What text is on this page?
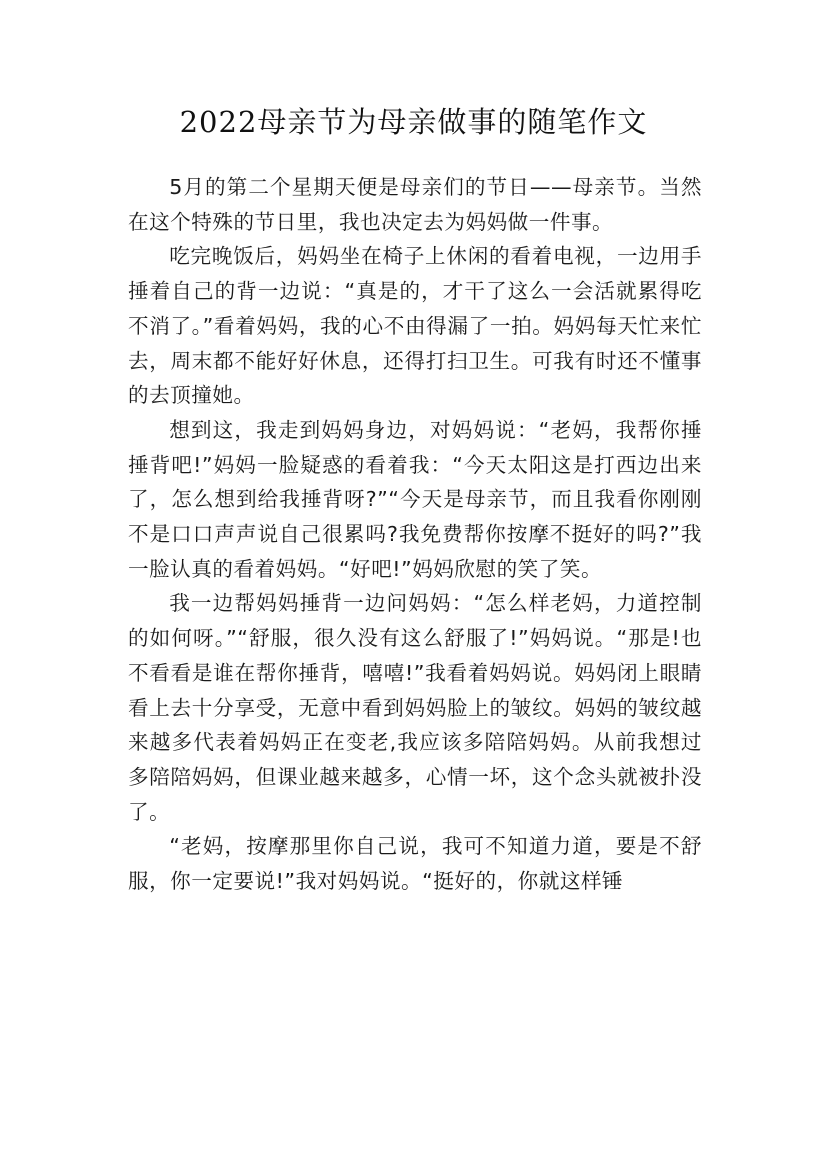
2022母亲节为母亲做事的随笔作文

5月的第二个星期天便是母亲们的节日——母亲节。当然在这个特殊的节日里，我也决定去为妈妈做一件事。

吃完晚饭后，妈妈坐在椅子上休闲的看着电视，一边用手捶着自己的背一边说：“真是的，才干了这么一会活就累得吃不消了。”看着妈妈，我的心不由得漏了一拍。妈妈每天忙来忙去，周末都不能好好休息，还得打扫卫生。可我有时还不懂事的去顶撞她。

想到这，我走到妈妈身边，对妈妈说：“老妈，我帮你捶捶背吧!”妈妈一脸疑惑的看着我：“今天太阳这是打西边出来了，怎么想到给我捶背呀?”“今天是母亲节，而且我看你刚刚不是口口声声说自己很累吗?我免费帮你按摩不挺好的吗?”我一脸认真的看着妈妈。“好吧!”妈妈欣慰的笑了笑。

我一边帮妈妈捶背一边问妈妈：“怎么样老妈，力道控制的如何呀。”“舒服，很久没有这么舒服了!”妈妈说。“那是!也不看看是谁在帮你捶背，嘻嘻!”我看着妈妈说。妈妈闭上眼睛看上去十分享受，无意中看到妈妈脸上的皱纹。妈妈的皱纹越来越多代表着妈妈正在变老,我应该多陪陪妈妈。从前我想过多陪陪妈妈，但课业越来越多，心情一坏，这个念头就被扑没了。

“老妈，按摩那里你自己说，我可不知道力道，要是不舒服，你一定要说!”我对妈妈说。“挺好的，你就这样锤
